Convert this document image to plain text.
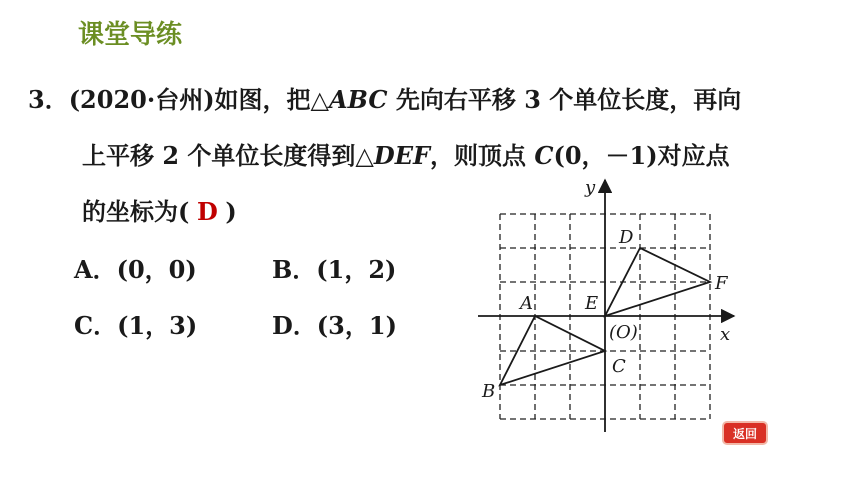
课堂导练
3．(2020·台州)如图，把△ABC 先向右平移 3 个单位长度，再向
上平移 2 个单位长度得到△DEF，则顶点 C(0，－1)对应点
的坐标为( D )
A．(0，0)	B．(1，2)
C．(1，3)	D．(3，1)
y
x
(O)
A
B
C
D
E
F
返回
